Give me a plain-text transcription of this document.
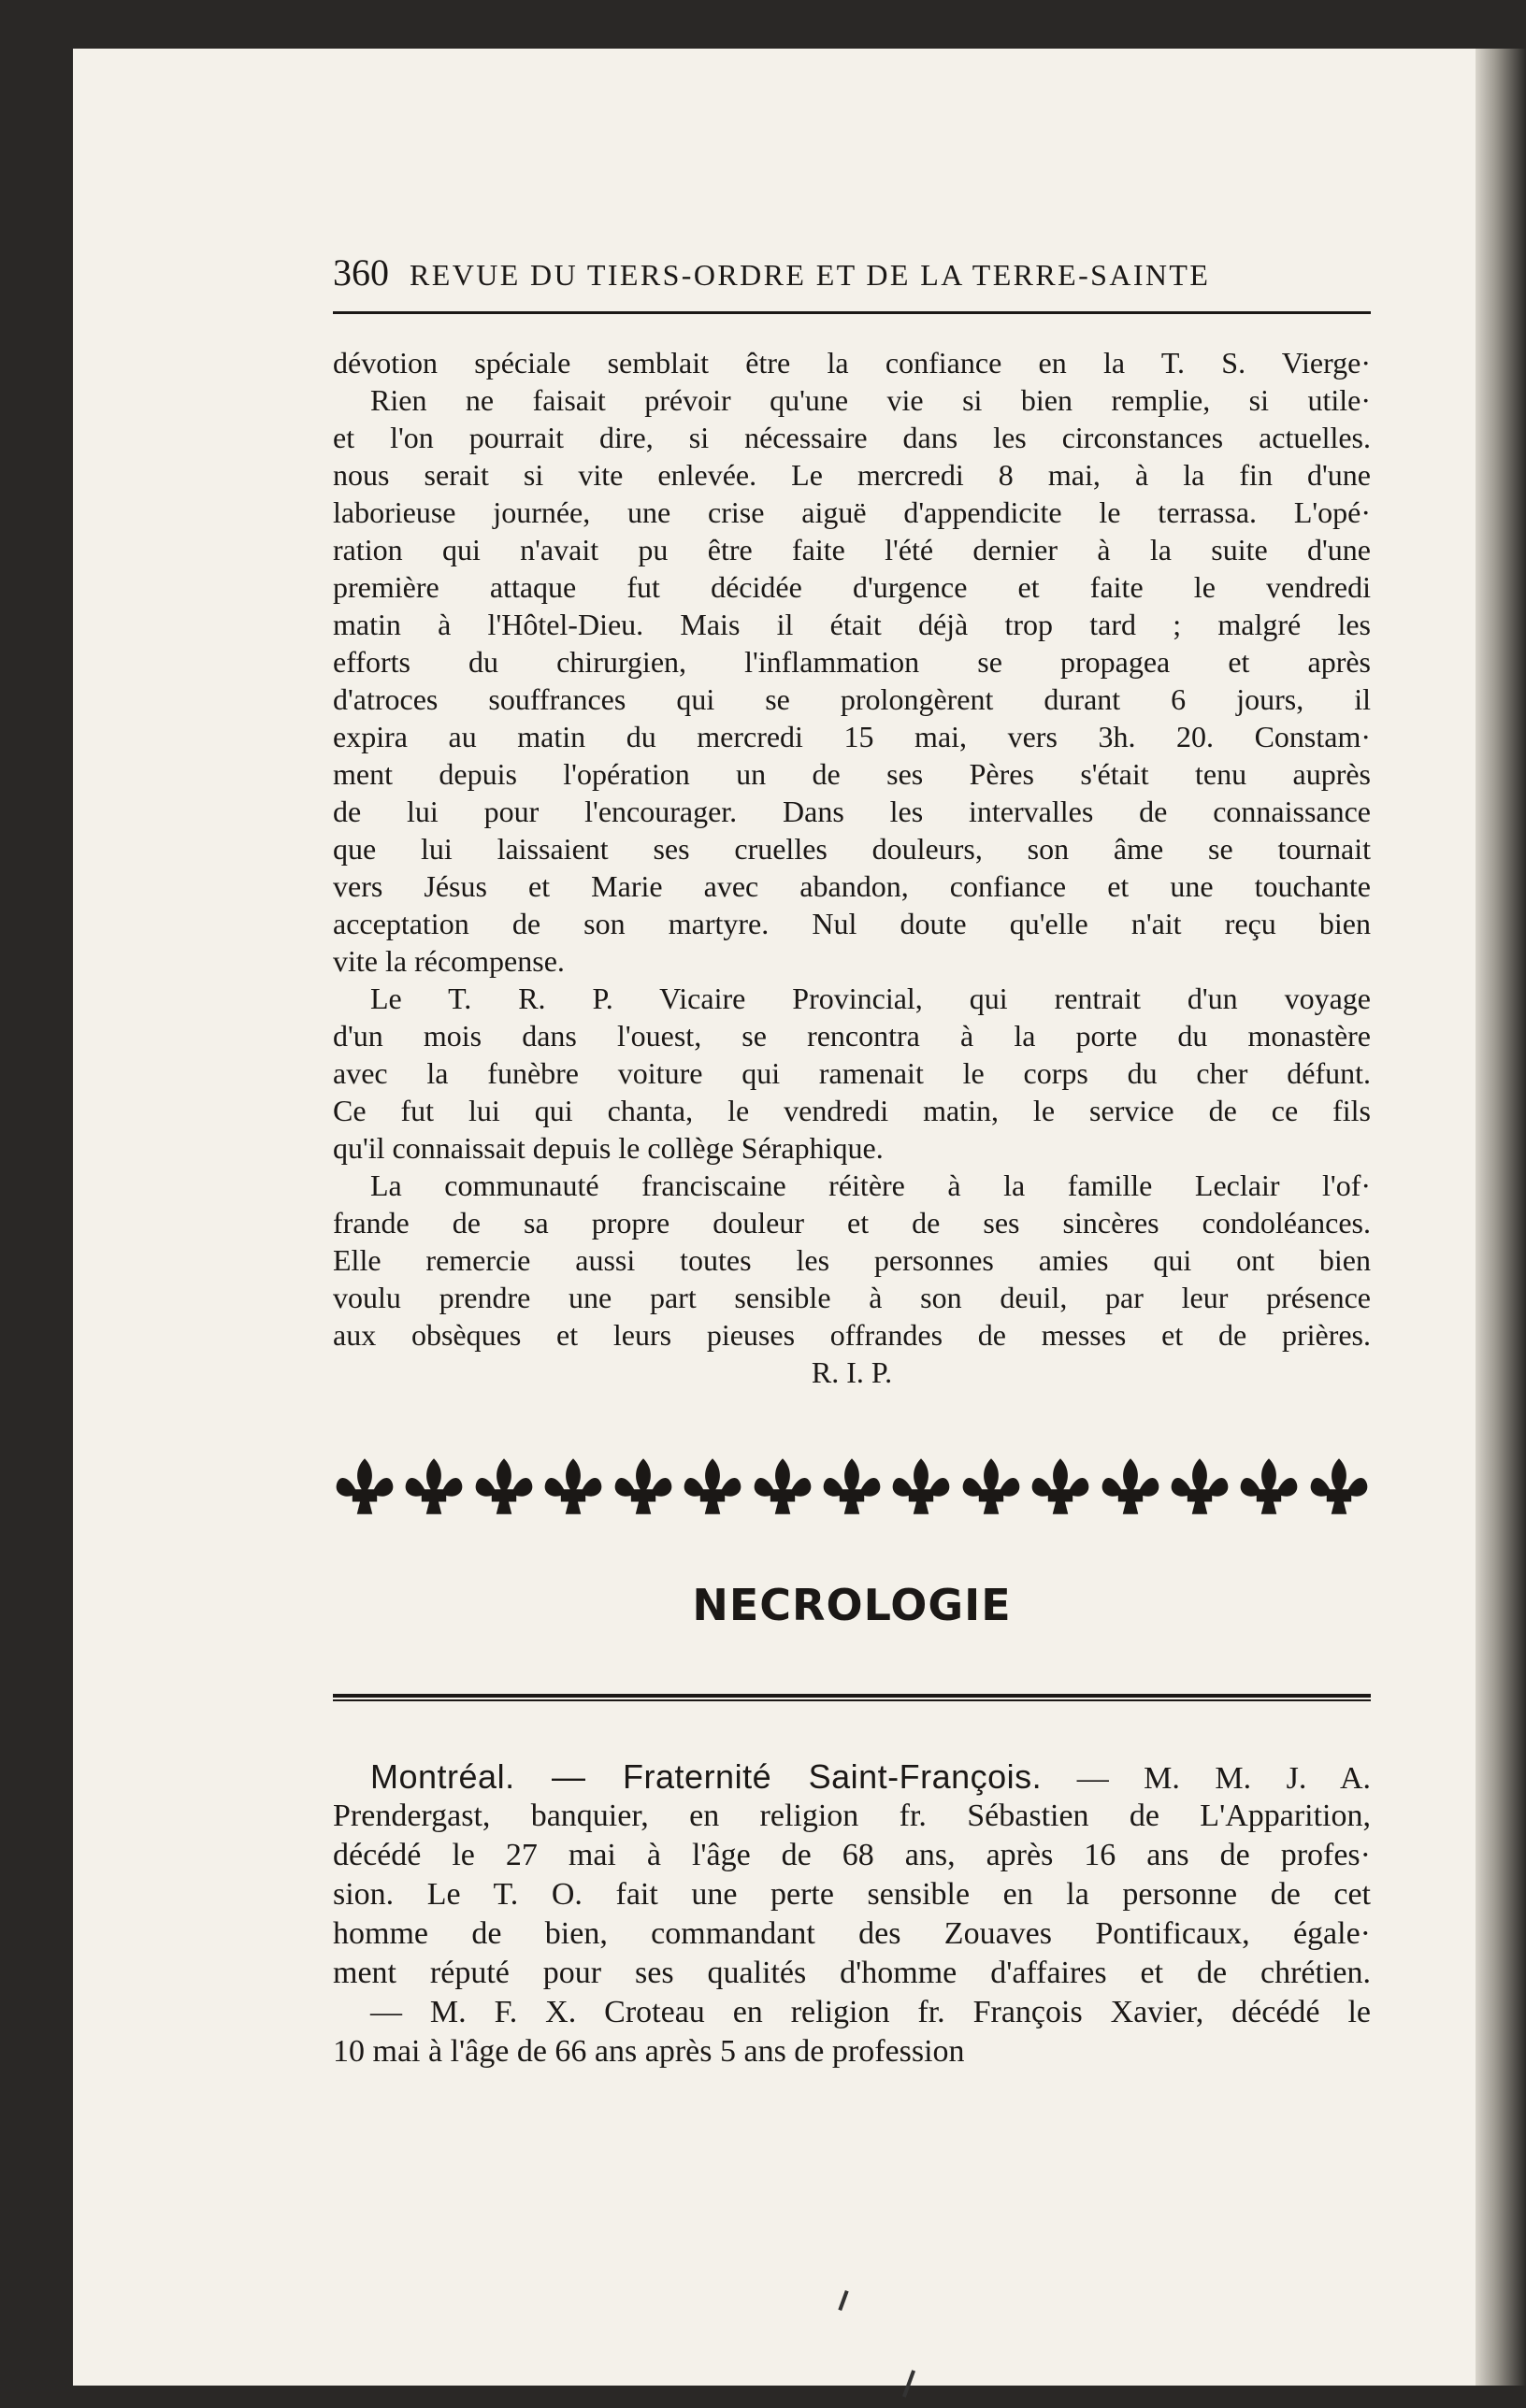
360 REVUE DU TIERS-ORDRE ET DE LA TERRE-SAINTE
dévotion spéciale semblait être la confiance en la T. S. Vierge·
Rien ne faisait prévoir qu'une vie si bien remplie, si utile·
et l'on pourrait dire, si nécessaire dans les circonstances actuelles.
nous serait si vite enlevée. Le mercredi 8 mai, à la fin d'une
laborieuse journée, une crise aiguë d'appendicite le terrassa. L'opé·
ration qui n'avait pu être faite l'été dernier à la suite d'une
première attaque fut décidée d'urgence et faite le vendredi
matin à l'Hôtel-Dieu. Mais il était déjà trop tard ; malgré les
efforts du chirurgien, l'inflammation se propagea et après
d'atroces souffrances qui se prolongèrent durant 6 jours, il
expira au matin du mercredi 15 mai, vers 3h. 20. Constam·
ment depuis l'opération un de ses Pères s'était tenu auprès
de lui pour l'encourager. Dans les intervalles de connaissance
que lui laissaient ses cruelles douleurs, son âme se tournait
vers Jésus et Marie avec abandon, confiance et une touchante
acceptation de son martyre. Nul doute qu'elle n'ait reçu bien
vite la récompense.
Le T. R. P. Vicaire Provincial, qui rentrait d'un voyage
d'un mois dans l'ouest, se rencontra à la porte du monastère
avec la funèbre voiture qui ramenait le corps du cher défunt.
Ce fut lui qui chanta, le vendredi matin, le service de ce fils
qu'il connaissait depuis le collège Séraphique.
La communauté franciscaine réitère à la famille Leclair l'of·
frande de sa propre douleur et de ses sincères condoléances.
Elle remercie aussi toutes les personnes amies qui ont bien
voulu prendre une part sensible à son deuil, par leur présence
aux obsèques et leurs pieuses offrandes de messes et de prières.
R. I. P.
NECROLOGIE
Montréal. — Fraternité Saint-François. — M. M. J. A.
Prendergast, banquier, en religion fr. Sébastien de L'Apparition,
décédé le 27 mai à l'âge de 68 ans, après 16 ans de profes·
sion. Le T. O. fait une perte sensible en la personne de cet
homme de bien, commandant des Zouaves Pontificaux, égale·
ment réputé pour ses qualités d'homme d'affaires et de chrétien.
— M. F. X. Croteau en religion fr. François Xavier, décédé le
10 mai à l'âge de 66 ans après 5 ans de profession
